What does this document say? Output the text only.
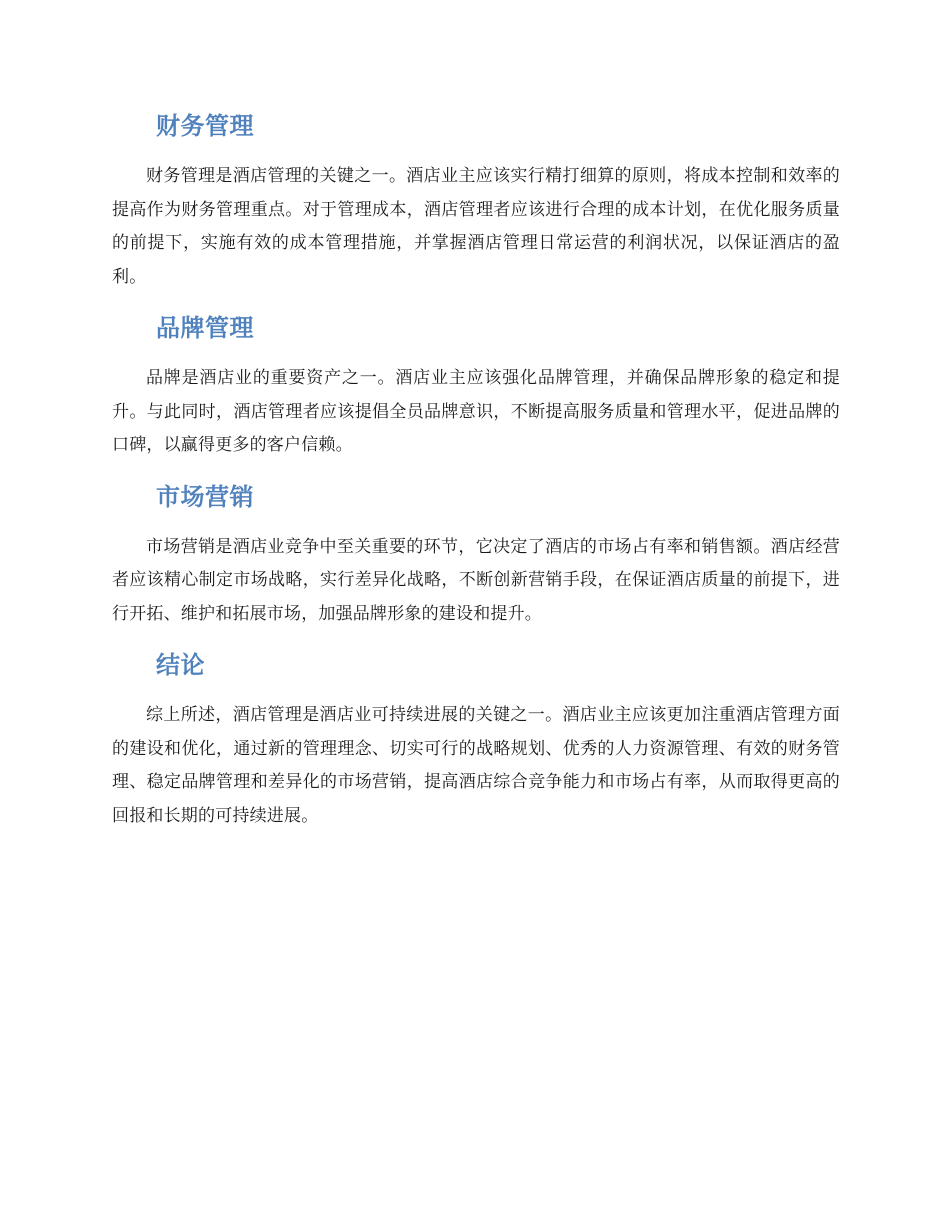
财务管理

财务管理是酒店管理的关键之一。酒店业主应该实行精打细算的原则，将成本控制和效率的提高作为财务管理重点。对于管理成本，酒店管理者应该进行合理的成本计划，在优化服务质量的前提下，实施有效的成本管理措施，并掌握酒店管理日常运营的利润状况，以保证酒店的盈利。

品牌管理

品牌是酒店业的重要资产之一。酒店业主应该强化品牌管理，并确保品牌形象的稳定和提升。与此同时，酒店管理者应该提倡全员品牌意识，不断提高服务质量和管理水平，促进品牌的口碑，以赢得更多的客户信赖。

市场营销

市场营销是酒店业竞争中至关重要的环节，它决定了酒店的市场占有率和销售额。酒店经营者应该精心制定市场战略，实行差异化战略，不断创新营销手段，在保证酒店质量的前提下，进行开拓、维护和拓展市场，加强品牌形象的建设和提升。

结论

综上所述，酒店管理是酒店业可持续进展的关键之一。酒店业主应该更加注重酒店管理方面的建设和优化，通过新的管理理念、切实可行的战略规划、优秀的人力资源管理、有效的财务管理、稳定品牌管理和差异化的市场营销，提高酒店综合竞争能力和市场占有率，从而取得更高的回报和长期的可持续进展。
